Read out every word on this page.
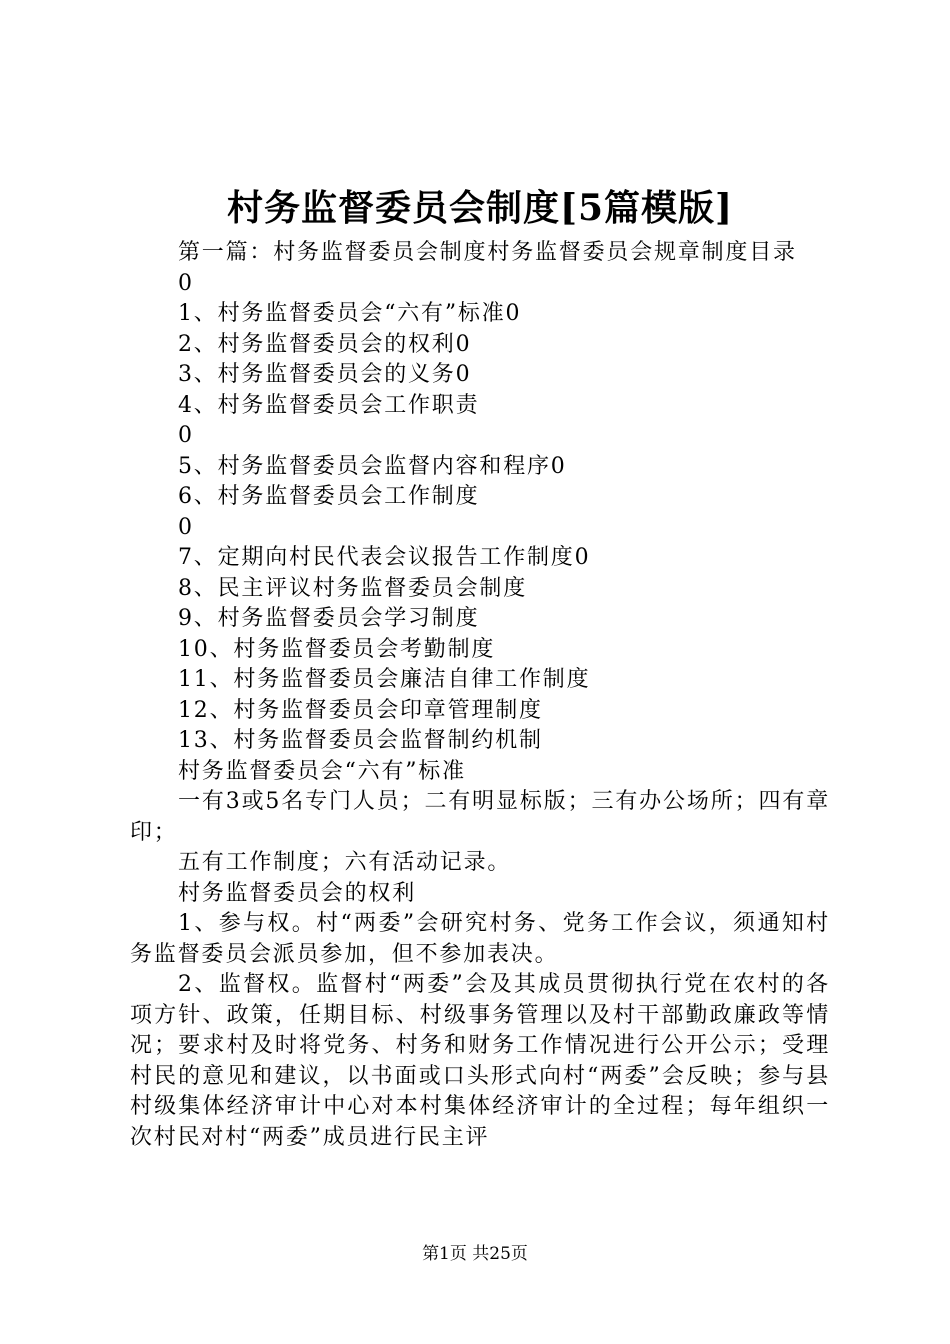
村务监督委员会制度[5篇模版]

第一篇：村务监督委员会制度村务监督委员会规章制度目录

0

1、村务监督委员会“六有”标准0

2、村务监督委员会的权利0

3、村务监督委员会的义务0

4、村务监督委员会工作职责

0

5、村务监督委员会监督内容和程序0

6、村务监督委员会工作制度

0

7、定期向村民代表会议报告工作制度0

8、民主评议村务监督委员会制度

9、村务监督委员会学习制度

10、村务监督委员会考勤制度

11、村务监督委员会廉洁自律工作制度

12、村务监督委员会印章管理制度

13、村务监督委员会监督制约机制

村务监督委员会“六有”标准

一有3或5名专门人员；二有明显标版；三有办公场所；四有章印；

五有工作制度；六有活动记录。

村务监督委员会的权利

1、参与权。村“两委”会研究村务、党务工作会议，须通知村务监督委员会派员参加，但不参加表决。

2、监督权。监督村“两委”会及其成员贯彻执行党在农村的各项方针、政策，任期目标、村级事务管理以及村干部勤政廉政等情况；要求村及时将党务、村务和财务工作情况进行公开公示；受理村民的意见和建议，以书面或口头形式向村“两委”会反映；参与县村级集体经济审计中心对本村集体经济审计的全过程；每年组织一次村民对村“两委”成员进行民主评

第1页 共25页
